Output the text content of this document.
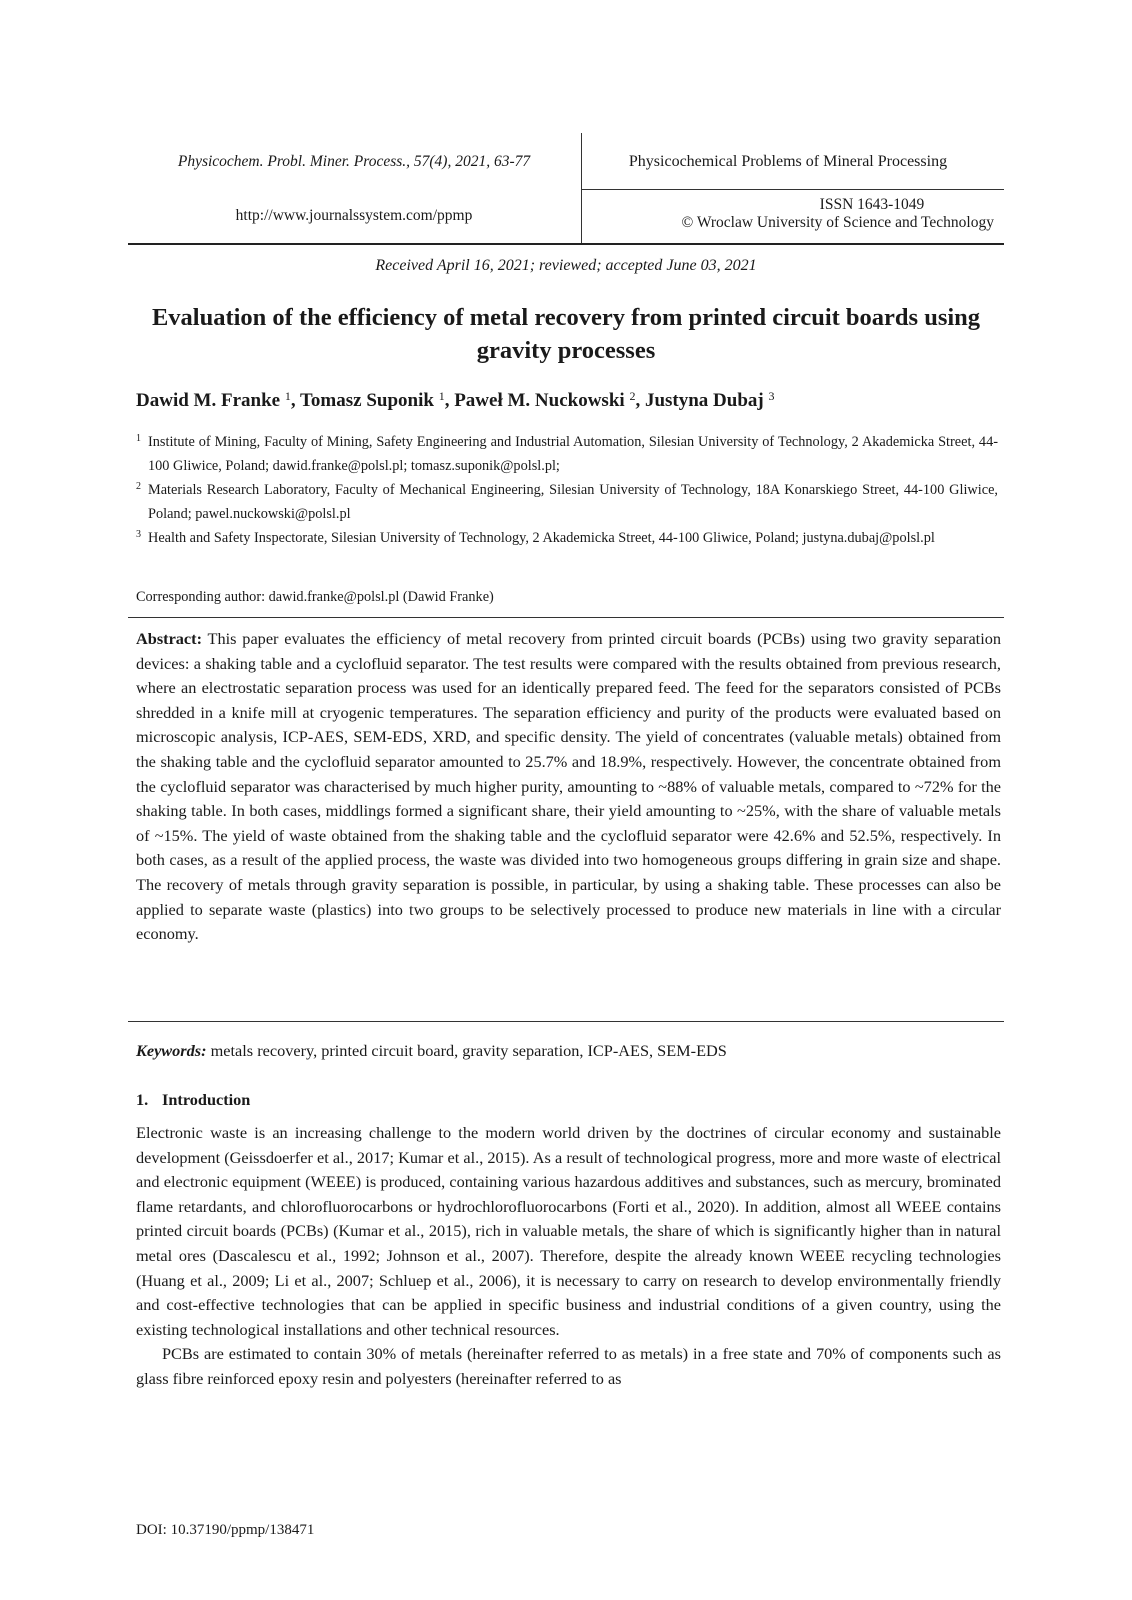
Physicochem. Probl. Miner. Process., 57(4), 2021, 63-77
http://www.journalssystem.com/ppmp
Physicochemical Problems of Mineral Processing
ISSN 1643-1049
© Wroclaw University of Science and Technology
Received April 16, 2021; reviewed; accepted June 03, 2021
Evaluation of the efficiency of metal recovery from printed circuit boards using gravity processes
Dawid M. Franke $^1$, Tomasz Suponik $^1$, Paweł M. Nuckowski $^2$, Justyna Dubaj $^3$

1 Institute of Mining, Faculty of Mining, Safety Engineering and Industrial Automation, Silesian University of Technology, 2 Akademicka Street, 44-100 Gliwice, Poland; dawid.franke@polsl.pl; tomasz.suponik@polsl.pl;

2 Materials Research Laboratory, Faculty of Mechanical Engineering, Silesian University of Technology, 18A Konarskiego Street, 44-100 Gliwice, Poland; pawel.nuckowski@polsl.pl

3 Health and Safety Inspectorate, Silesian University of Technology, 2 Akademicka Street, 44-100 Gliwice, Poland; justyna.dubaj@polsl.pl

Corresponding author: dawid.franke@polsl.pl (Dawid Franke)

Abstract: This paper evaluates the efficiency of metal recovery from printed circuit boards (PCBs) using two gravity separation devices: a shaking table and a cyclofluid separator. The test results were compared with the results obtained from previous research, where an electrostatic separation process was used for an identically prepared feed. The feed for the separators consisted of PCBs shredded in a knife mill at cryogenic temperatures. The separation efficiency and purity of the products were evaluated based on microscopic analysis, ICP-AES, SEM-EDS, XRD, and specific density. The yield of concentrates (valuable metals) obtained from the shaking table and the cyclofluid separator amounted to 25.7% and 18.9%, respectively. However, the concentrate obtained from the cyclofluid separator was characterised by much higher purity, amounting to ~88% of valuable metals, compared to ~72% for the shaking table. In both cases, middlings formed a significant share, their yield amounting to ~25%, with the share of valuable metals of ~15%. The yield of waste obtained from the shaking table and the cyclofluid separator were 42.6% and 52.5%, respectively. In both cases, as a result of the applied process, the waste was divided into two homogeneous groups differing in grain size and shape. The recovery of metals through gravity separation is possible, in particular, by using a shaking table. These processes can also be applied to separate waste (plastics) into two groups to be selectively processed to produce new materials in line with a circular economy.

Keywords: metals recovery, printed circuit board, gravity separation, ICP-AES, SEM-EDS
1. Introduction

Electronic waste is an increasing challenge to the modern world driven by the doctrines of circular economy and sustainable development (Geissdoerfer et al., 2017; Kumar et al., 2015). As a result of technological progress, more and more waste of electrical and electronic equipment (WEEE) is produced, containing various hazardous additives and substances, such as mercury, brominated flame retardants, and chlorofluorocarbons or hydrochlorofluorocarbons (Forti et al., 2020). In addition, almost all WEEE contains printed circuit boards (PCBs) (Kumar et al., 2015), rich in valuable metals, the share of which is significantly higher than in natural metal ores (Dascalescu et al., 1992; Johnson et al., 2007). Therefore, despite the already known WEEE recycling technologies (Huang et al., 2009; Li et al., 2007; Schluep et al., 2006), it is necessary to carry on research to develop environmentally friendly and cost-effective technologies that can be applied in specific business and industrial conditions of a given country, using the existing technological installations and other technical resources.

PCBs are estimated to contain 30% of metals (hereinafter referred to as metals) in a free state and 70% of components such as glass fibre reinforced epoxy resin and polyesters (hereinafter referred to as

DOI: 10.37190/ppmp/138471
